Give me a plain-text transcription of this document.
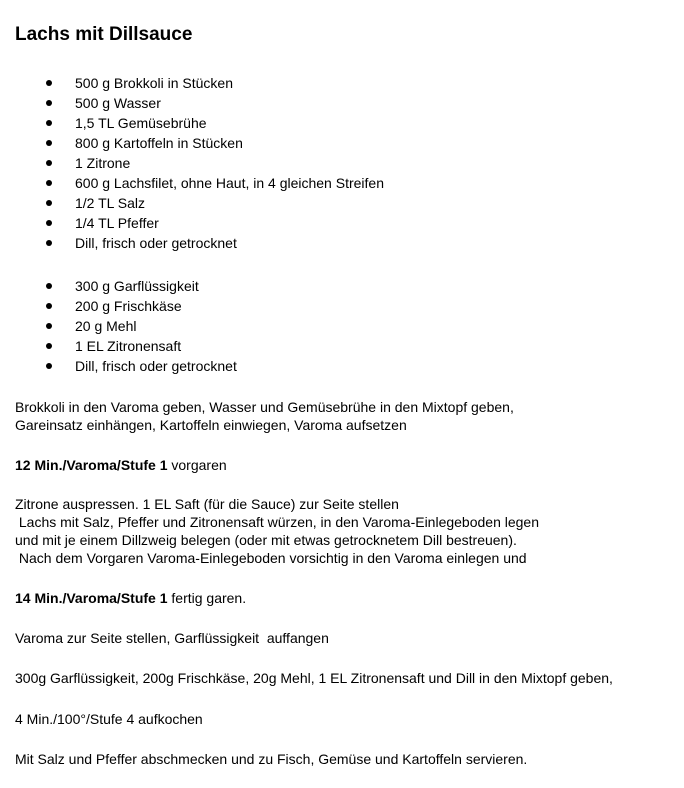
Lachs mit Dillsauce
500 g Brokkoli in Stücken
500 g Wasser
1,5 TL Gemüsebrühe
800 g Kartoffeln in Stücken
1 Zitrone
600 g Lachsfilet, ohne Haut, in 4 gleichen Streifen
1/2 TL Salz
1/4 TL Pfeffer
Dill, frisch oder getrocknet
300 g Garflüssigkeit
200 g Frischkäse
20 g Mehl
1 EL Zitronensaft
Dill, frisch oder getrocknet

Brokkoli in den Varoma geben, Wasser und Gemüsebrühe in den Mixtopf geben,
Gareinsatz einhängen, Kartoffeln einwiegen, Varoma aufsetzen

12 Min./Varoma/Stufe 1 vorgaren

Zitrone auspressen. 1 EL Saft (für die Sauce) zur Seite stellen
Lachs mit Salz, Pfeffer und Zitronensaft würzen, in den Varoma-Einlegeboden legen
und mit je einem Dillzweig belegen (oder mit etwas getrocknetem Dill bestreuen).
Nach dem Vorgaren Varoma-Einlegeboden vorsichtig in den Varoma einlegen und

14 Min./Varoma/Stufe 1 fertig garen.

Varoma zur Seite stellen, Garflüssigkeit  auffangen

300g Garflüssigkeit, 200g Frischkäse, 20g Mehl, 1 EL Zitronensaft und Dill in den Mixtopf geben,

4 Min./100°/Stufe 4 aufkochen

Mit Salz und Pfeffer abschmecken und zu Fisch, Gemüse und Kartoffeln servieren.
